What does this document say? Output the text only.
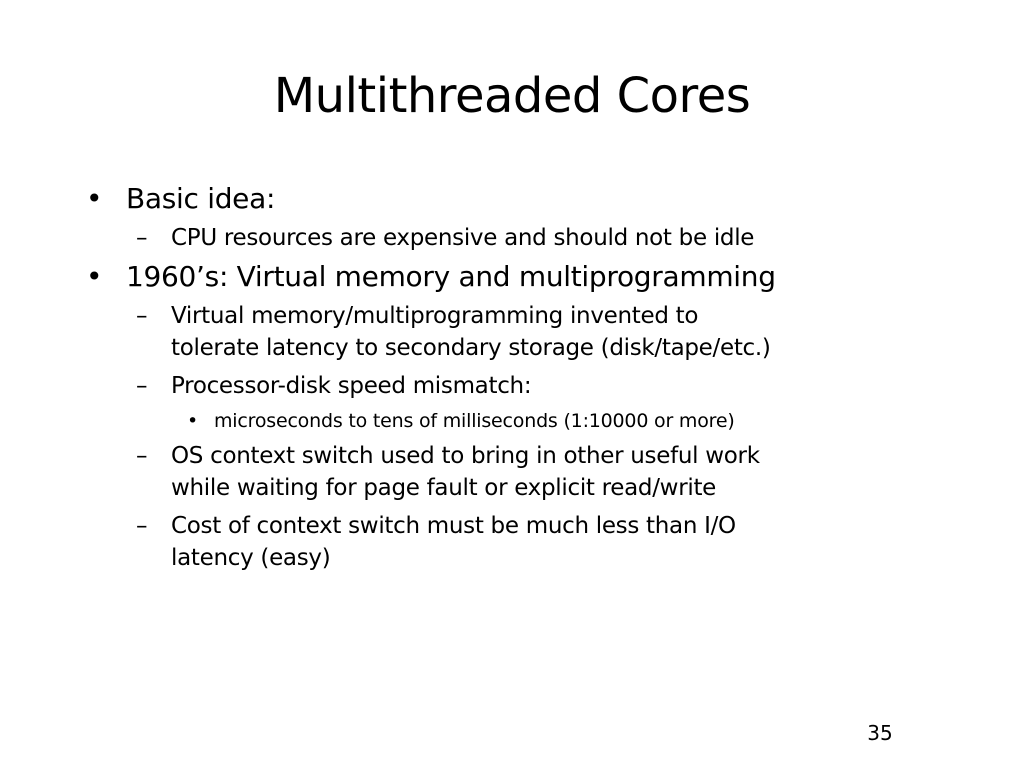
Multithreaded Cores
• Basic idea:
– CPU resources are expensive and should not be idle
• 1960’s: Virtual memory and multiprogramming
– Virtual memory/multiprogramming invented to
tolerate latency to secondary storage (disk/tape/etc.)
– Processor-disk speed mismatch:
• microseconds to tens of milliseconds (1:10000 or more)
– OS context switch used to bring in other useful work
while waiting for page fault or explicit read/write
– Cost of context switch must be much less than I/O
latency (easy)
35
